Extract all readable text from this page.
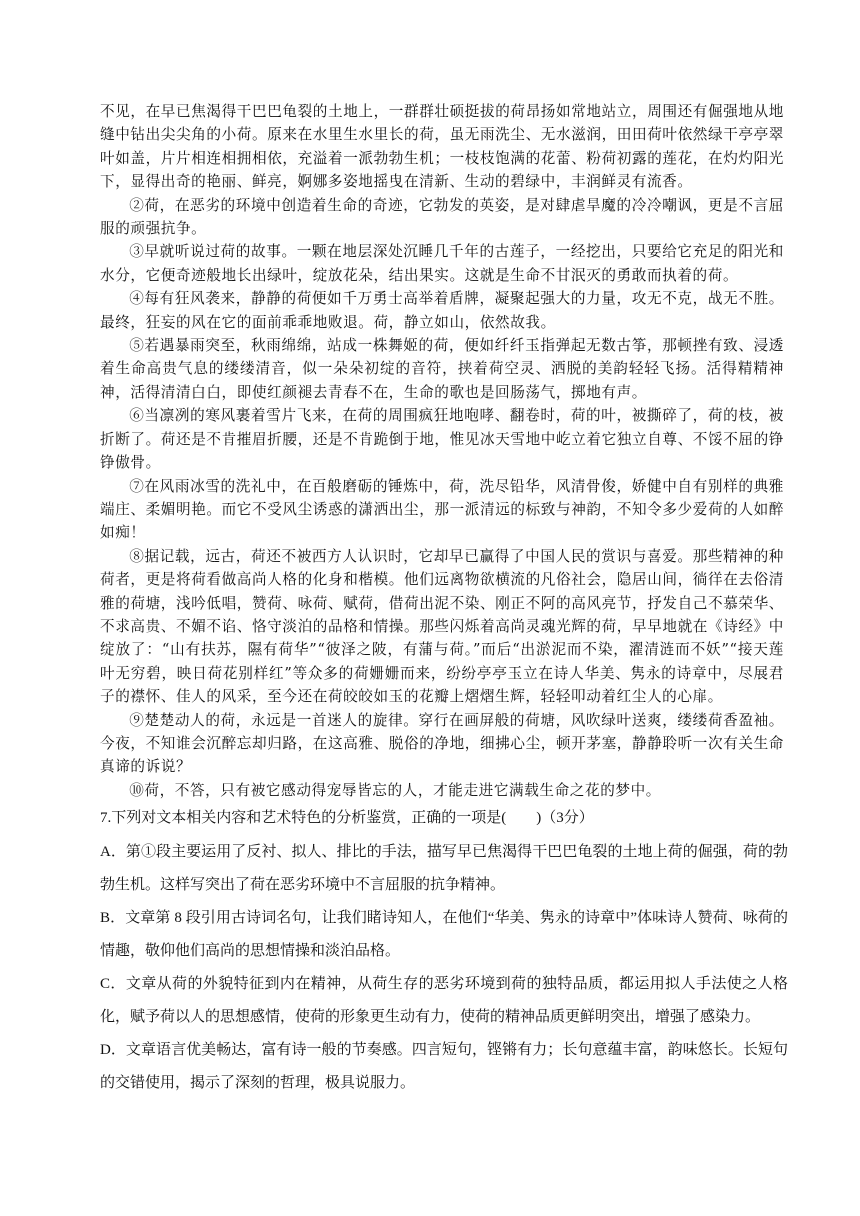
不见，在早已焦渴得干巴巴龟裂的土地上，一群群壮硕挺拔的荷昂扬如常地站立，周围还有倔强地从地缝中钻出尖尖角的小荷。原来在水里生水里长的荷，虽无雨洗尘、无水滋润，田田荷叶依然绿干亭亭翠叶如盖，片片相连相拥相依，充溢着一派勃勃生机；一枝枝饱满的花蕾、粉荷初露的莲花，在灼灼阳光下，显得出奇的艳丽、鲜亮，婀娜多姿地摇曳在清新、生动的碧绿中，丰润鲜灵有流香。

②荷，在恶劣的环境中创造着生命的奇迹，它勃发的英姿，是对肆虐旱魔的冷冷嘲讽，更是不言屈服的顽强抗争。

③早就听说过荷的故事。一颗在地层深处沉睡几千年的古莲子，一经挖出，只要给它充足的阳光和水分，它便奇迹般地长出绿叶，绽放花朵，结出果实。这就是生命不甘泯灭的勇敢而执着的荷。

④每有狂风袭来，静静的荷便如千万勇士高举着盾牌，凝聚起强大的力量，攻无不克，战无不胜。最终，狂妄的风在它的面前乖乖地败退。荷，静立如山，依然故我。

⑤若遇暴雨突至，秋雨绵绵，站成一株舞姬的荷，便如纤纤玉指弹起无数古筝，那顿挫有致、浸透着生命高贵气息的缕缕清音，似一朵朵初绽的音符，挟着荷空灵、洒脱的美韵轻轻飞扬。活得精精神神，活得清清白白，即使红颜褪去青春不在，生命的歌也是回肠荡气，掷地有声。

⑥当凛冽的寒风裹着雪片飞来，在荷的周围疯狂地咆哮、翻卷时，荷的叶，被撕碎了，荷的枝，被折断了。荷还是不肯摧眉折腰，还是不肯跪倒于地，惟见冰天雪地中屹立着它独立自尊、不馁不屈的铮铮傲骨。

⑦在风雨冰雪的洗礼中，在百般磨砺的锤炼中，荷，洗尽铅华，风清骨俊，娇健中自有别样的典雅端庄、柔媚明艳。而它不受风尘诱惑的潇洒出尘，那一派清远的标致与神韵，不知令多少爱荷的人如醉如痴！

⑧据记载，远古，荷还不被西方人认识时，它却早已赢得了中国人民的赏识与喜爱。那些精神的种荷者，更是将荷看做高尚人格的化身和楷模。他们远离物欲横流的凡俗社会，隐居山间，徜徉在去俗清雅的荷塘，浅吟低唱，赞荷、咏荷、赋荷，借荷出泥不染、刚正不阿的高风亮节，抒发自己不慕荣华、不求高贵、不媚不谄、恪守淡泊的品格和情操。那些闪烁着高尚灵魂光辉的荷，早早地就在《诗经》中绽放了：“山有扶苏，隰有荷华”“彼泽之陂，有蒲与荷。”而后“出淤泥而不染，濯清涟而不妖”“接天莲叶无穷碧，映日荷花别样红”等众多的荷姗姗而来，纷纷亭亭玉立在诗人华美、隽永的诗章中，尽展君子的襟怀、佳人的风采，至今还在荷皎皎如玉的花瓣上熠熠生辉，轻轻叩动着红尘人的心扉。

⑨楚楚动人的荷，永远是一首迷人的旋律。穿行在画屏般的荷塘，风吹绿叶送爽，缕缕荷香盈袖。今夜，不知谁会沉醉忘却归路，在这高雅、脱俗的净地，细拂心尘，顿开茅塞，静静聆听一次有关生命真谛的诉说？

⑩荷，不答，只有被它感动得宠辱皆忘的人，才能走进它满载生命之花的梦中。

7.下列对文本相关内容和艺术特色的分析鉴赏，正确的一项是(　　)（3分）

A．第①段主要运用了反衬、拟人、排比的手法，描写早已焦渴得干巴巴龟裂的土地上荷的倔强，荷的勃勃生机。这样写突出了荷在恶劣环境中不言屈服的抗争精神。

B．文章第 8 段引用古诗词名句，让我们睹诗知人，在他们“华美、隽永的诗章中”体味诗人赞荷、咏荷的情趣，敬仰他们高尚的思想情操和淡泊品格。

C．文章从荷的外貌特征到内在精神，从荷生存的恶劣环境到荷的独特品质，都运用拟人手法使之人格化，赋予荷以人的思想感情，使荷的形象更生动有力，使荷的精神品质更鲜明突出，增强了感染力。

D．文章语言优美畅达，富有诗一般的节奏感。四言短句，铿锵有力；长句意蕴丰富，韵味悠长。长短句的交错使用，揭示了深刻的哲理，极具说服力。
